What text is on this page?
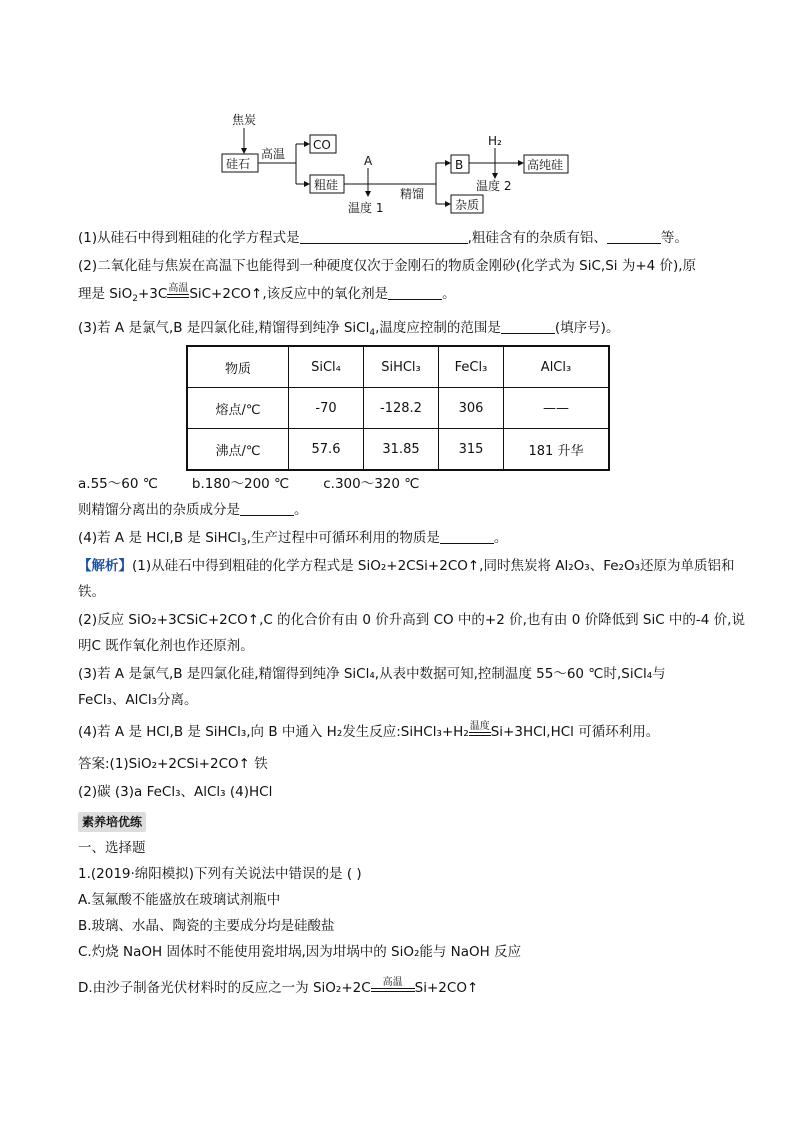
焦炭
硅石
高温
CO
粗硅
A
温度 1
精馏
B
H₂
温度 2
高纯硅
杂质
(1)从硅石中得到粗硅的化学方程式是	,粗硅含有的杂质有铝、	等。
(2)二氧化硅与焦炭在高温下也能得到一种硬度仅次于金刚石的物质金刚砂(化学式为 SiC,Si 为+4 价),原
理是 SiO$_2$+3C 高温 SiC+2CO↑,该反应中的氧化剂是	。
(3)若 A 是氯气,B 是四氯化硅,精馏得到纯净 SiCl$_4$,温度应控制的范围是	(填序号)。
物质	SiCl₄	SiHCl₃	FeCl₃	AlCl₃
熔点/℃	-70	-128.2	306	——
沸点/℃	57.6	31.85	315	181 升华
a.55～60 ℃	b.180～200 ℃	c.300～320 ℃
则精馏分离出的杂质成分是	。
(4)若 A 是 HCl,B 是 SiHCl$_3$,生产过程中可循环利用的物质是	。
【解析】(1)从硅石中得到粗硅的化学方程式是 SiO₂+2CSi+2CO↑,同时焦炭将 Al₂O₃、Fe₂O₃还原为单质铝和
铁。
(2)反应 SiO₂+3CSiC+2CO↑,C 的化合价有由 0 价升高到 CO 中的+2 价,也有由 0 价降低到 SiC 中的-4 价,说
明C 既作氧化剂也作还原剂。
(3)若 A 是氯气,B 是四氯化硅,精馏得到纯净 SiCl₄,从表中数据可知,控制温度 55～60 ℃时,SiCl₄与
FeCl₃、AlCl₃分离。
(4)若 A 是 HCl,B 是 SiHCl₃,向 B 中通入 H₂发生反应:SiHCl₃+H₂ 温度 Si+3HCl,HCl 可循环利用。
答案:(1)SiO₂+2CSi+2CO↑ 铁
(2)碳 (3)a FeCl₃、AlCl₃ (4)HCl
素养培优练
一、选择题
1.(2019·绵阳模拟)下列有关说法中错误的是 ( )
A.氢氟酸不能盛放在玻璃试剂瓶中
B.玻璃、水晶、陶瓷的主要成分均是硅酸盐
C.灼烧 NaOH 固体时不能使用瓷坩埚,因为坩埚中的 SiO₂能与 NaOH 反应
D.由沙子制备光伏材料时的反应之一为 SiO₂+2C	高温 Si+2CO↑
